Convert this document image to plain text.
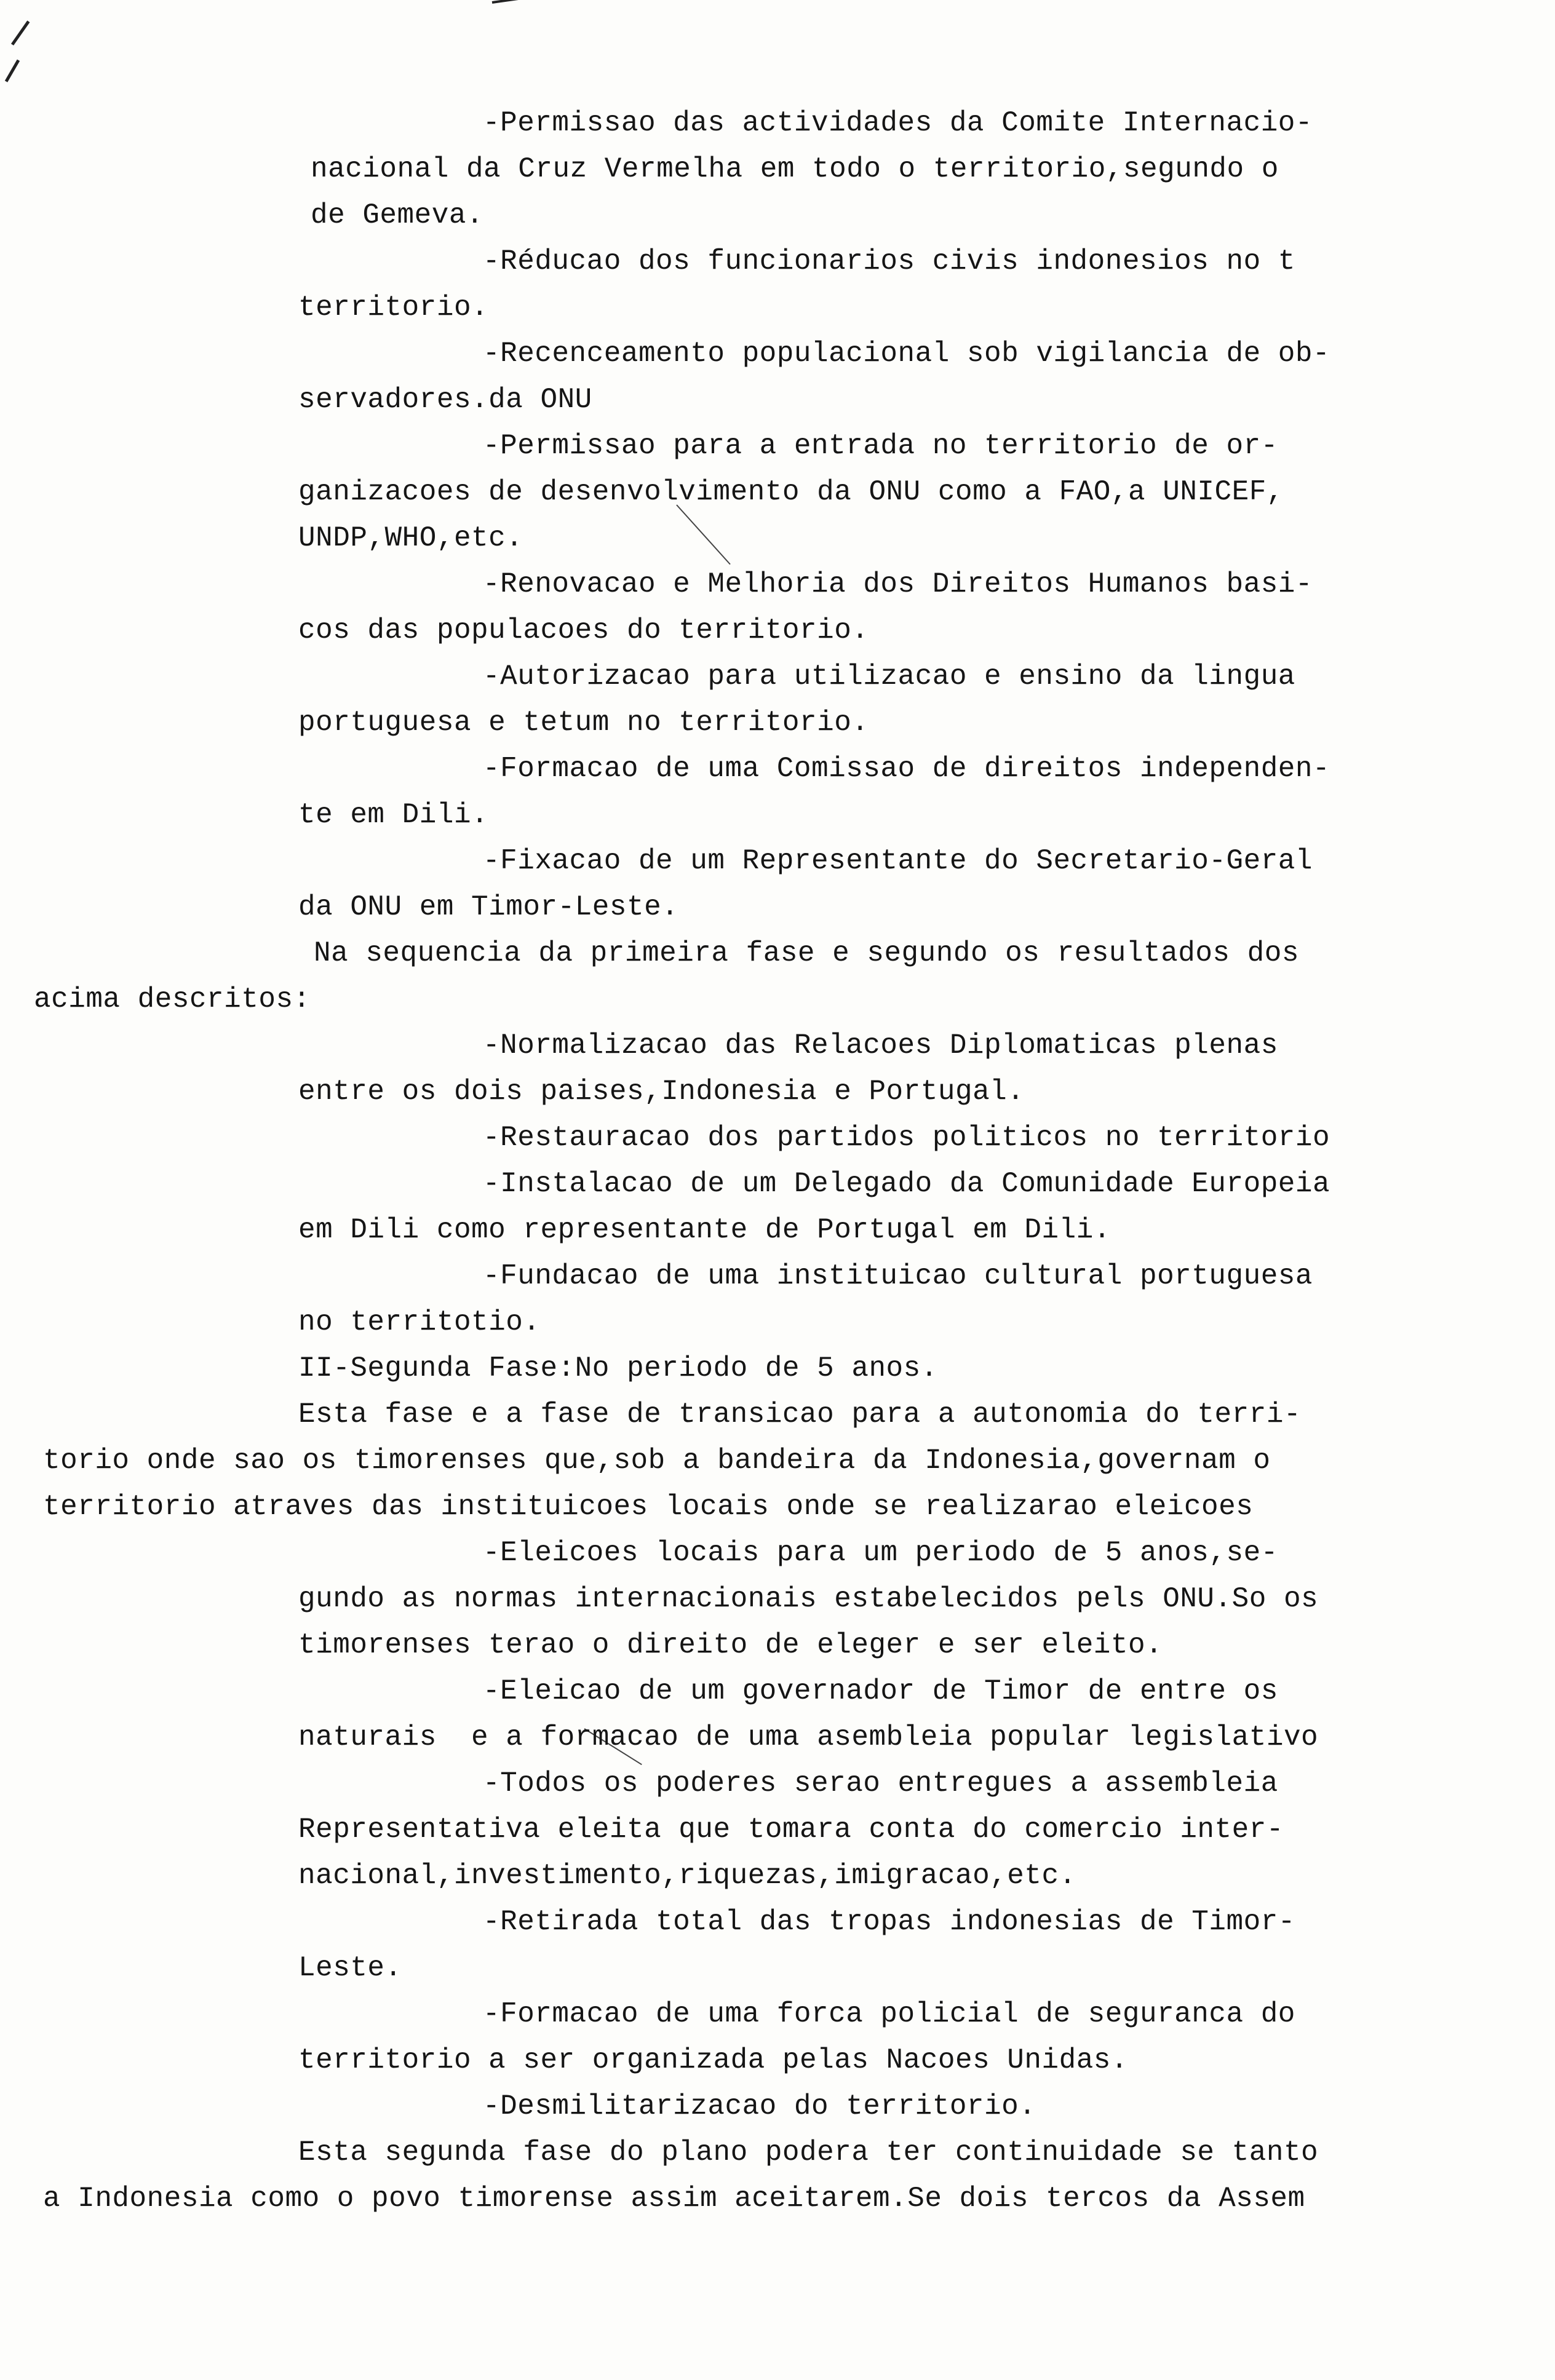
-Permissao das actividades da Comite Internacio-
nacional da Cruz Vermelha em todo o territorio,segundo o
de Gemeva.
-Réducao dos funcionarios civis indonesios no t
territorio.
-Recenceamento populacional sob vigilancia de ob-
servadores.da ONU
-Permissao para a entrada no territorio de or-
ganizacoes de desenvolvimento da ONU como a FAO,a UNICEF,
UNDP,WHO,etc.
-Renovacao e Melhoria dos Direitos Humanos basi-
cos das populacoes do territorio.
-Autorizacao para utilizacao e ensino da lingua
portuguesa e tetum no territorio.
-Formacao de uma Comissao de direitos independen-
te em Dili.
-Fixacao de um Representante do Secretario-Geral
da ONU em Timor-Leste.
Na sequencia da primeira fase e segundo os resultados dos
acima descritos:
-Normalizacao das Relacoes Diplomaticas plenas
entre os dois paises,Indonesia e Portugal.
-Restauracao dos partidos politicos no territorio
-Instalacao de um Delegado da Comunidade Europeia
em Dili como representante de Portugal em Dili.
-Fundacao de uma instituicao cultural portuguesa
no territotio.
II-Segunda Fase:No periodo de 5 anos.
Esta fase e a fase de transicao para a autonomia do terri-
torio onde sao os timorenses que,sob a bandeira da Indonesia,governam o
territorio atraves das instituicoes locais onde se realizarao eleicoes
-Eleicoes locais para um periodo de 5 anos,se-
gundo as normas internacionais estabelecidos pels ONU.So os
timorenses terao o direito de eleger e ser eleito.
-Eleicao de um governador de Timor de entre os
naturais  e a formacao de uma asembleia popular legislativo
-Todos os poderes serao entregues a assembleia
Representativa eleita que tomara conta do comercio inter-
nacional,investimento,riquezas,imigracao,etc.
-Retirada total das tropas indonesias de Timor-
Leste.
-Formacao de uma forca policial de seguranca do
territorio a ser organizada pelas Nacoes Unidas.
-Desmilitarizacao do territorio.
Esta segunda fase do plano podera ter continuidade se tanto
a Indonesia como o povo timorense assim aceitarem.Se dois tercos da Assem
